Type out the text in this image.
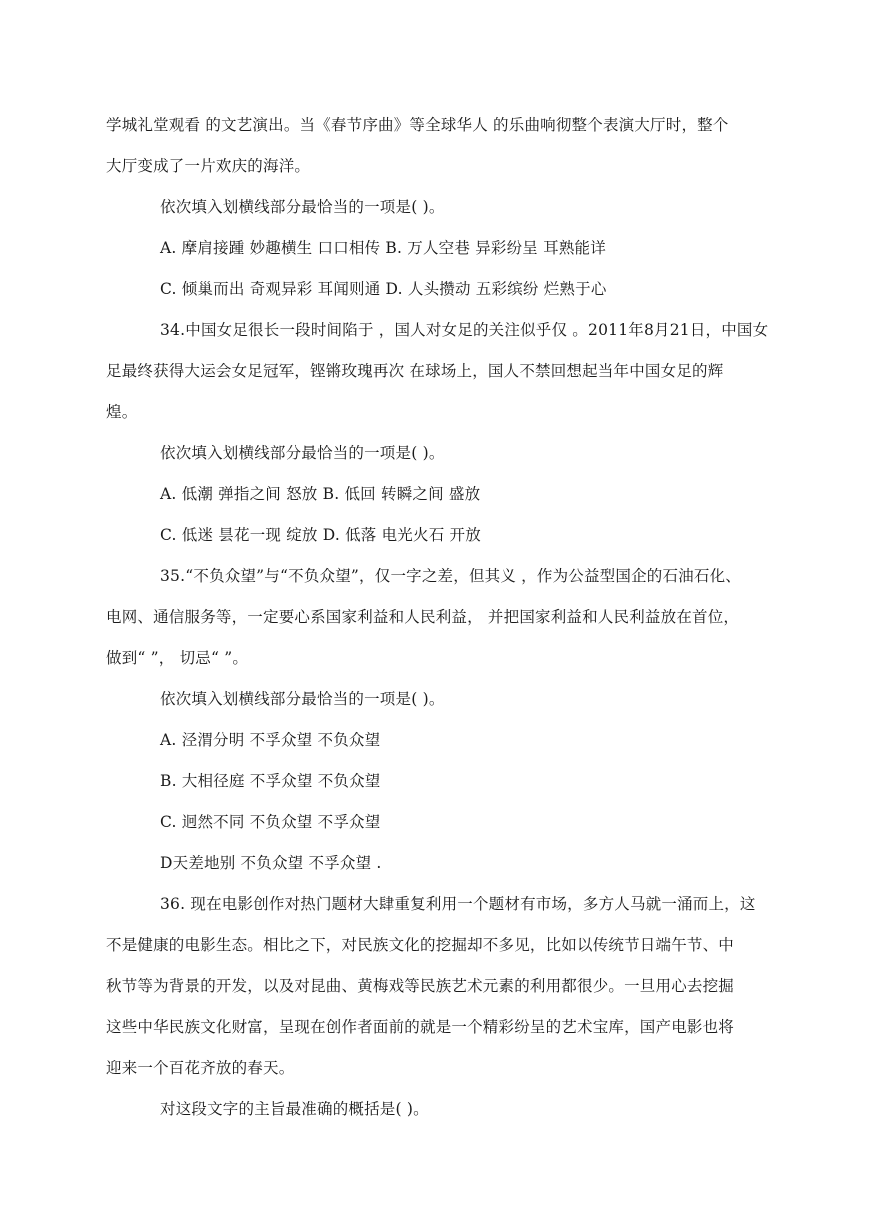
学城礼堂观看 的文艺演出。当《春节序曲》等全球华人 的乐曲响彻整个表演大厅时，整个
大厅变成了一片欢庆的海洋。
依次填入划横线部分最恰当的一项是( )。
A. 摩肩接踵 妙趣横生 口口相传 B. 万人空巷 异彩纷呈 耳熟能详
C. 倾巢而出 奇观异彩 耳闻则通 D. 人头攒动 五彩缤纷 烂熟于心
34.中国女足很长一段时间陷于 ，国人对女足的关注似乎仅 。2011年8月21日，中国女
足最终获得大运会女足冠军，铿锵玫瑰再次 在球场上，国人不禁回想起当年中国女足的辉
煌。
依次填入划横线部分最恰当的一项是( )。
A. 低潮 弹指之间 怒放 B. 低回 转瞬之间 盛放
C. 低迷 昙花一现 绽放 D. 低落 电光火石 开放
35.“不负众望”与“不负众望”，仅一字之差，但其义 ，作为公益型国企的石油石化、
电网、通信服务等，一定要心系国家利益和人民利益， 并把国家利益和人民利益放在首位，
做到“ ”， 切忌“ ”。
依次填入划横线部分最恰当的一项是( )。
A. 泾渭分明 不孚众望 不负众望
B. 大相径庭 不孚众望 不负众望
C. 迥然不同 不负众望 不孚众望
D天差地别 不负众望 不孚众望 .
36. 现在电影创作对热门题材大肆重复利用一个题材有市场，多方人马就一涌而上，这
不是健康的电影生态。相比之下，对民族文化的挖掘却不多见，比如以传统节日端午节、中
秋节等为背景的开发，以及对昆曲、黄梅戏等民族艺术元素的利用都很少。一旦用心去挖掘
这些中华民族文化财富，呈现在创作者面前的就是一个精彩纷呈的艺术宝库，国产电影也将
迎来一个百花齐放的春天。
对这段文字的主旨最准确的概括是( )。
